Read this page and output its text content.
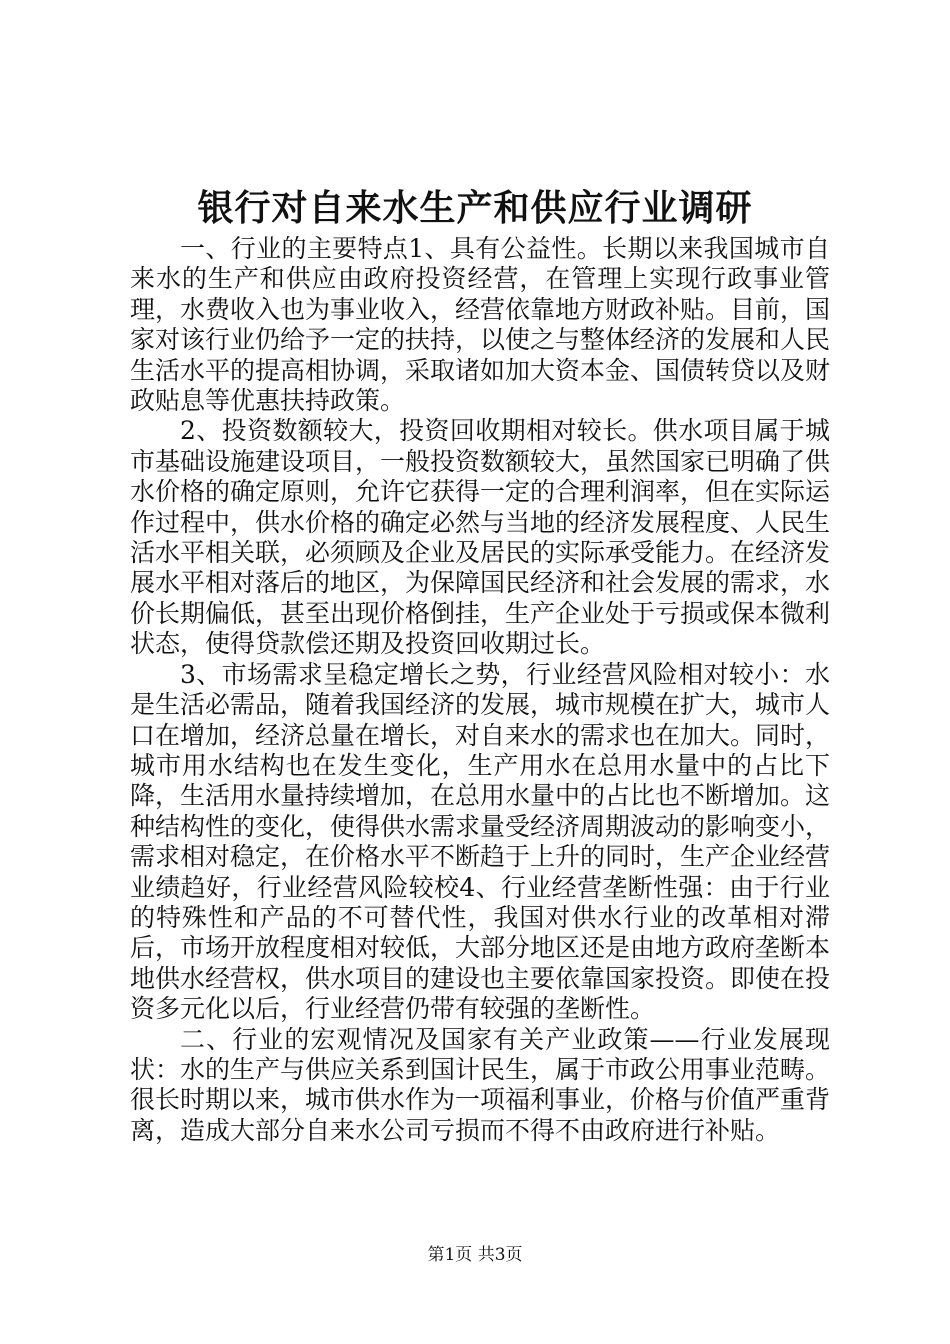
银行对自来水生产和供应行业调研

一、行业的主要特点1、具有公益性。长期以来我国城市自来水的生产和供应由政府投资经营，在管理上实现行政事业管理，水费收入也为事业收入，经营依靠地方财政补贴。目前，国家对该行业仍给予一定的扶持，以使之与整体经济的发展和人民生活水平的提高相协调，采取诸如加大资本金、国债转贷以及财政贴息等优惠扶持政策。

2、投资数额较大，投资回收期相对较长。供水项目属于城市基础设施建设项目，一般投资数额较大，虽然国家已明确了供水价格的确定原则，允许它获得一定的合理利润率，但在实际运作过程中，供水价格的确定必然与当地的经济发展程度、人民生活水平相关联，必须顾及企业及居民的实际承受能力。在经济发展水平相对落后的地区，为保障国民经济和社会发展的需求，水价长期偏低，甚至出现价格倒挂，生产企业处于亏损或保本微利状态，使得贷款偿还期及投资回收期过长。

3、市场需求呈稳定增长之势，行业经营风险相对较小：水是生活必需品，随着我国经济的发展，城市规模在扩大，城市人口在增加，经济总量在增长，对自来水的需求也在加大。同时，城市用水结构也在发生变化，生产用水在总用水量中的占比下降，生活用水量持续增加，在总用水量中的占比也不断增加。这种结构性的变化，使得供水需求量受经济周期波动的影响变小，需求相对稳定，在价格水平不断趋于上升的同时，生产企业经营业绩趋好，行业经营风险较校4、行业经营垄断性强：由于行业的特殊性和产品的不可替代性，我国对供水行业的改革相对滞后，市场开放程度相对较低，大部分地区还是由地方政府垄断本地供水经营权，供水项目的建设也主要依靠国家投资。即使在投资多元化以后，行业经营仍带有较强的垄断性。

二、行业的宏观情况及国家有关产业政策——行业发展现状：水的生产与供应关系到国计民生，属于市政公用事业范畴。很长时期以来，城市供水作为一项福利事业，价格与价值严重背离，造成大部分自来水公司亏损而不得不由政府进行补贴。

第1页 共3页
